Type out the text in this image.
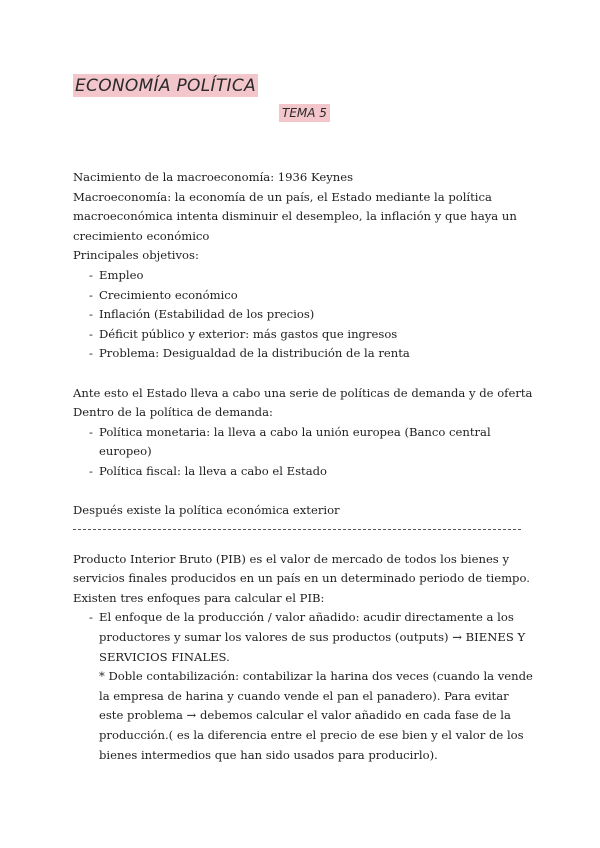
ECONOMÍA POLÍTICA
TEMA 5

Nacimiento de la macroeconomía: 1936 Keynes

Macroeconomía: la economía de un país, el Estado mediante la política macroeconómica intenta disminuir el desempleo, la inflación y que haya un crecimiento económico

Principales objetivos:

- Empleo
- Crecimiento económico
- Inflación (Estabilidad de los precios)
- Déficit público y exterior: más gastos que ingresos
- Problema: Desigualdad de la distribución de la renta

Ante esto el Estado lleva a cabo una serie de políticas de demanda y de oferta

Dentro de la política de demanda:

- Política monetaria: la lleva a cabo la unión europea (Banco central europeo)
- Política fiscal: la lleva a cabo el Estado

Después existe la política económica exterior

Producto Interior Bruto (PIB) es el valor de mercado de todos los bienes y servicios finales producidos en un país en un determinado periodo de tiempo.

Existen tres enfoques para calcular el PIB:

- El enfoque de la producción / valor añadido: acudir directamente a los productores y sumar los valores de sus productos (outputs) → BIENES Y SERVICIOS FINALES.

* Doble contabilización: contabilizar la harina dos veces (cuando la vende la empresa de harina y cuando vende el pan el panadero). Para evitar este problema → debemos calcular el valor añadido en cada fase de la producción.( es la diferencia entre el precio de ese bien y el valor de los bienes intermedios que han sido usados para producirlo).
